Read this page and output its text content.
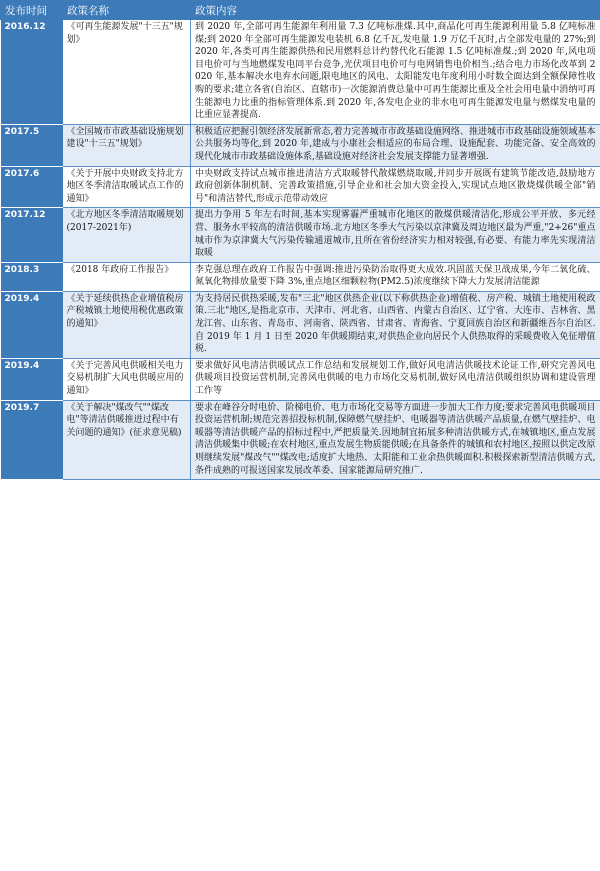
发布时间	政策名称	政策内容
2016.12	《可再生能源发展"十三五"规划》	到 2020 年,全部可再生能源年利用量 7.3 亿吨标准煤.其中,商品化可再生能源利用量 5.8 亿吨标准煤;到 2020 年全部可再生能源发电装机 6.8 亿千瓦,发电量 1.9 万亿千瓦时,占全部发电量的 27%;到 2020 年,各类可再生能源供热和民用燃料总计约替代化石能源 1.5 亿吨标准煤.;到 2020 年,风电项目电价可与当地燃煤发电同平台竞争,光伏项目电价可与电网销售电价相当.;结合电力市场化改革到 2020 年,基本解决水电弃水问题,限电地区的风电、太阳能发电年度利用小时数全面达到全额保障性收购的要求;建立各省(自治区、直辖市)一次能源消费总量中可再生能源比重及全社会用电量中消纳可再生能源电力比重的指标管理体系.到 2020 年,各发电企业的非水电可再生能源发电量与燃煤发电量的比重应显著提高.
2017.5	《全国城市市政基础设施规划建设"十三五"规划》	积极适应把握引领经济发展新常态,着力完善城市市政基础设施网络、推进城市市政基础设施领域基本公共服务均等化,到 2020 年,建成与小康社会相适应的布局合理、设施配套、功能完备、安全高效的现代化城市市政基础设施体系,基础设施对经济社会发展支撑能力显著增强.
2017.6	《关于开展中央财政支持北方地区冬季清洁取暖试点工作的通知》	中央财政支持试点城市推进清洁方式取暖替代散煤燃烧取暖,并同步开展既有建筑节能改造,鼓励地方政府创新体制机制、完善政策措施,引导企业和社会加大资金投入,实现试点地区散烧煤供暖全部"销号"和清洁替代,形成示范带动效应
2017.12	《北方地区冬季清洁取暖规划(2017-2021年)	提出力争用 5 年左右时间,基本实现雾霾严重城市化地区的散煤供暖清洁化,形成公平开放、多元经营、服务水平较高的清洁供暖市场.北方地区冬季大气污染以京津冀及周边地区最为严重,"2+26"重点城市作为京津冀大气污染传输通道城市,且所在省份经济实力相对较强,有必要、有能力率先实现清洁取暖
2018.3	《2018 年政府工作报告》	李克强总理在政府工作报告中强调:推进污染防治取得更大成效.巩固蓝天保卫战成果,今年二氧化硫、氮氧化物排放量要下降 3%,重点地区细颗粒物(PM2.5)浓度继续下降大力发展清洁能源
2019.4	《关于延续供热企业增值税房产税城镇土地使用税优惠政策的通知》	为支持居民供热采暖,发布"三北"地区供热企业(以下称供热企业)增值税、房产税、城镇土地使用税政策.三北"地区,是指北京市、天津市、河北省、山西省、内蒙古自治区、辽宁省、大连市、吉林省、黑龙江省、山东省、青岛市、河南省、陕西省、甘肃省、青海省、宁夏回族自治区和新疆维吾尔自治区.自 2019 年 1 月 1 日至 2020 年供暖期结束,对供热企业向居民个人供热取得的采暖费收入免征增值税.
2019.4	《关于完善风电供暖相关电力交易机制扩大风电供暖应用的通知》	要求做好风电清洁供暖试点工作总结和发展规划工作,做好风电清洁供暖技术论证工作,研究完善风电供暖项目投资运营机制,完善风电供暖的电力市场化交易机制,做好风电清洁供暖组织协调和建设管理工作等
2019.7	《关于解决"煤改气""煤改电"等清洁供暖推进过程中有关问题的通知》(征求意见稿)	要求在峰谷分时电价、阶梯电价、电力市场化交易等方面进一步加大工作力度;要求完善风电供暖项目投资运营机制;规范完善招投标机制,保障燃气壁挂炉、电暖器等清洁供暖产品质量,在燃气壁挂炉、电暖器等清洁供暖产品的招标过程中,严把质量关.因地制宜拓展多种清洁供暖方式,在城镇地区,重点发展清洁供暖集中供暖;在农村地区,重点发展生物质能供暖;在具备条件的城镇和农村地区,按照以供定改原则继续发展"煤改气""煤改电;适度扩大地热、太阳能和工业余热供暖面积.积极探索新型清洁供暖方式,条件成熟的可报送国家发展改革委、国家能源局研究推广.
